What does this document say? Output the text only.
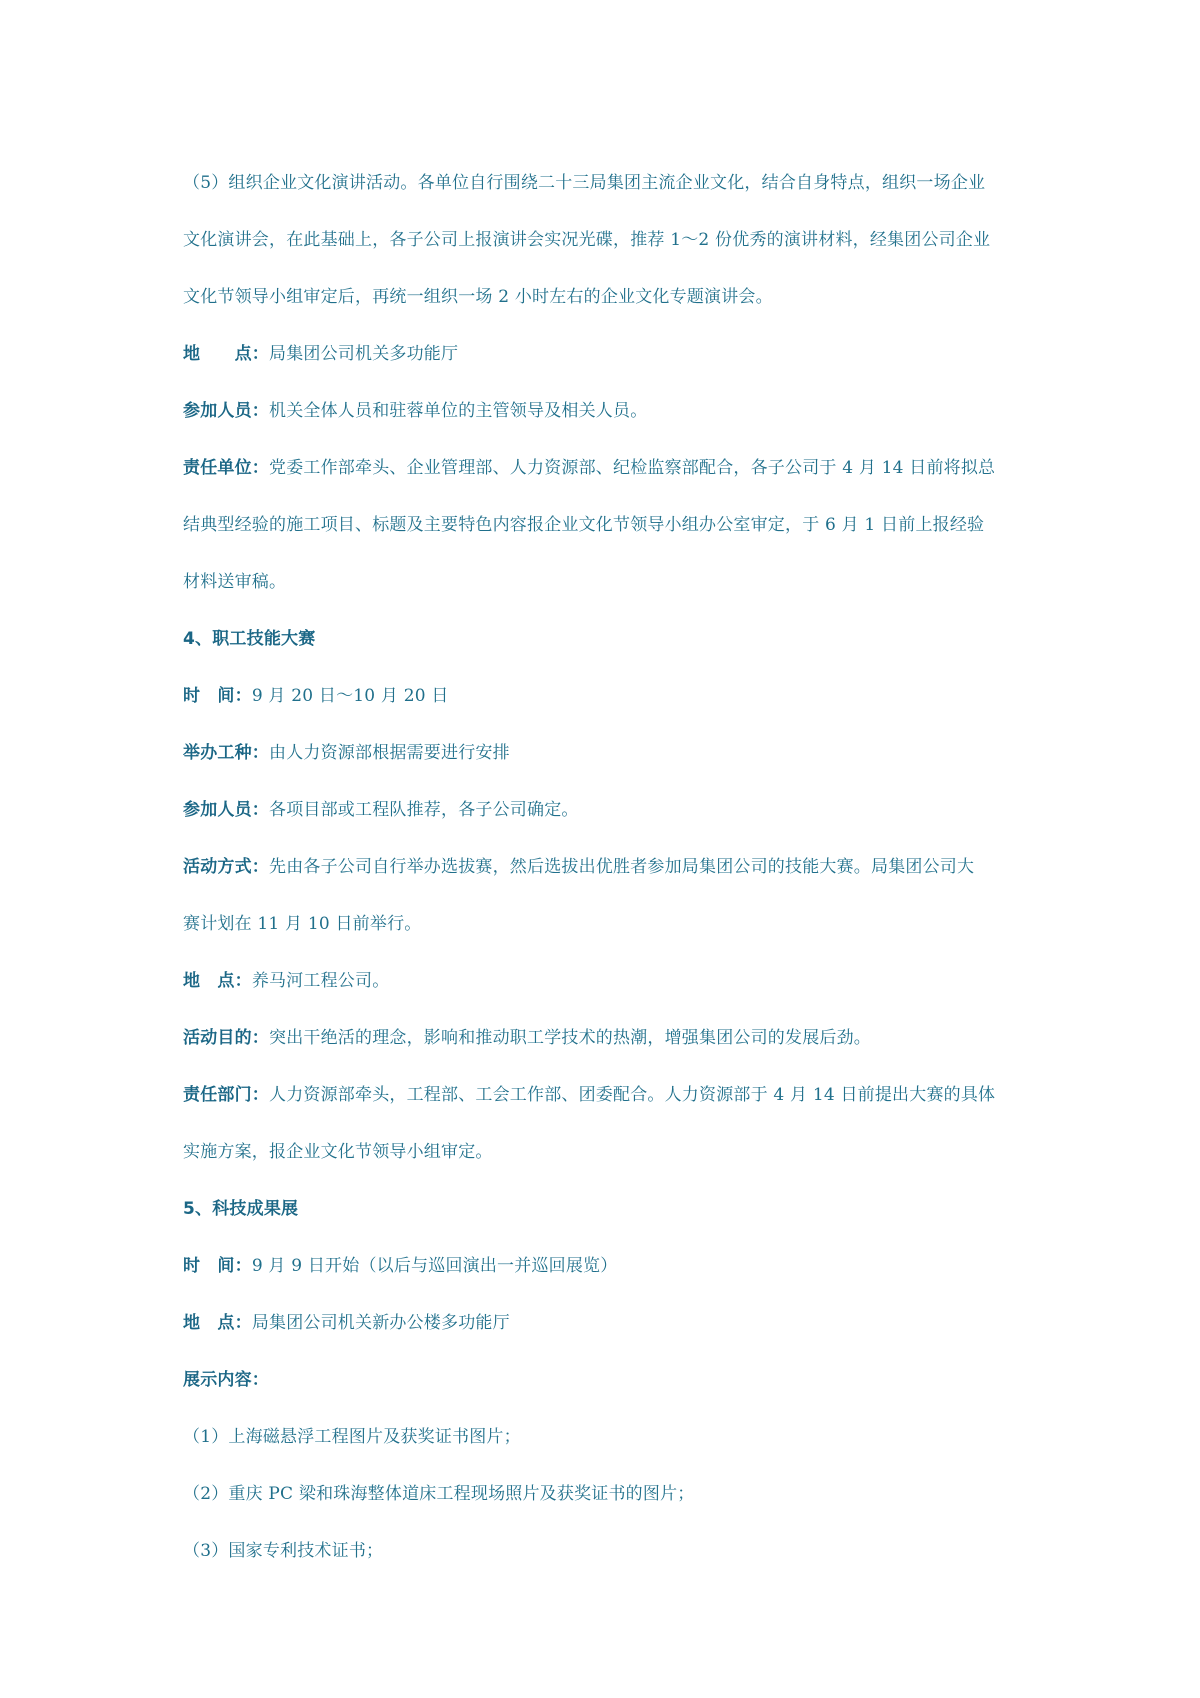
（5）组织企业文化演讲活动。各单位自行围绕二十三局集团主流企业文化，结合自身特点，组织一场企业
文化演讲会，在此基础上，各子公司上报演讲会实况光碟，推荐 1～2 份优秀的演讲材料，经集团公司企业
文化节领导小组审定后，再统一组织一场 2 小时左右的企业文化专题演讲会。
地　　点：局集团公司机关多功能厅
参加人员：机关全体人员和驻蓉单位的主管领导及相关人员。
责任单位：党委工作部牵头、企业管理部、人力资源部、纪检监察部配合，各子公司于 4 月 14 日前将拟总
结典型经验的施工项目、标题及主要特色内容报企业文化节领导小组办公室审定，于 6 月 1 日前上报经验
材料送审稿。
4、职工技能大赛
时　间：9 月 20 日～10 月 20 日
举办工种：由人力资源部根据需要进行安排
参加人员：各项目部或工程队推荐，各子公司确定。
活动方式：先由各子公司自行举办选拔赛，然后选拔出优胜者参加局集团公司的技能大赛。局集团公司大
赛计划在 11 月 10 日前举行。
地　点：养马河工程公司。
活动目的：突出干绝活的理念，影响和推动职工学技术的热潮，增强集团公司的发展后劲。
责任部门：人力资源部牵头，工程部、工会工作部、团委配合。人力资源部于 4 月 14 日前提出大赛的具体
实施方案，报企业文化节领导小组审定。
5、科技成果展
时　间：9 月 9 日开始（以后与巡回演出一并巡回展览）
地　点：局集团公司机关新办公楼多功能厅
展示内容：
（1）上海磁悬浮工程图片及获奖证书图片；
（2）重庆 PC 梁和珠海整体道床工程现场照片及获奖证书的图片；
（3）国家专利技术证书；
